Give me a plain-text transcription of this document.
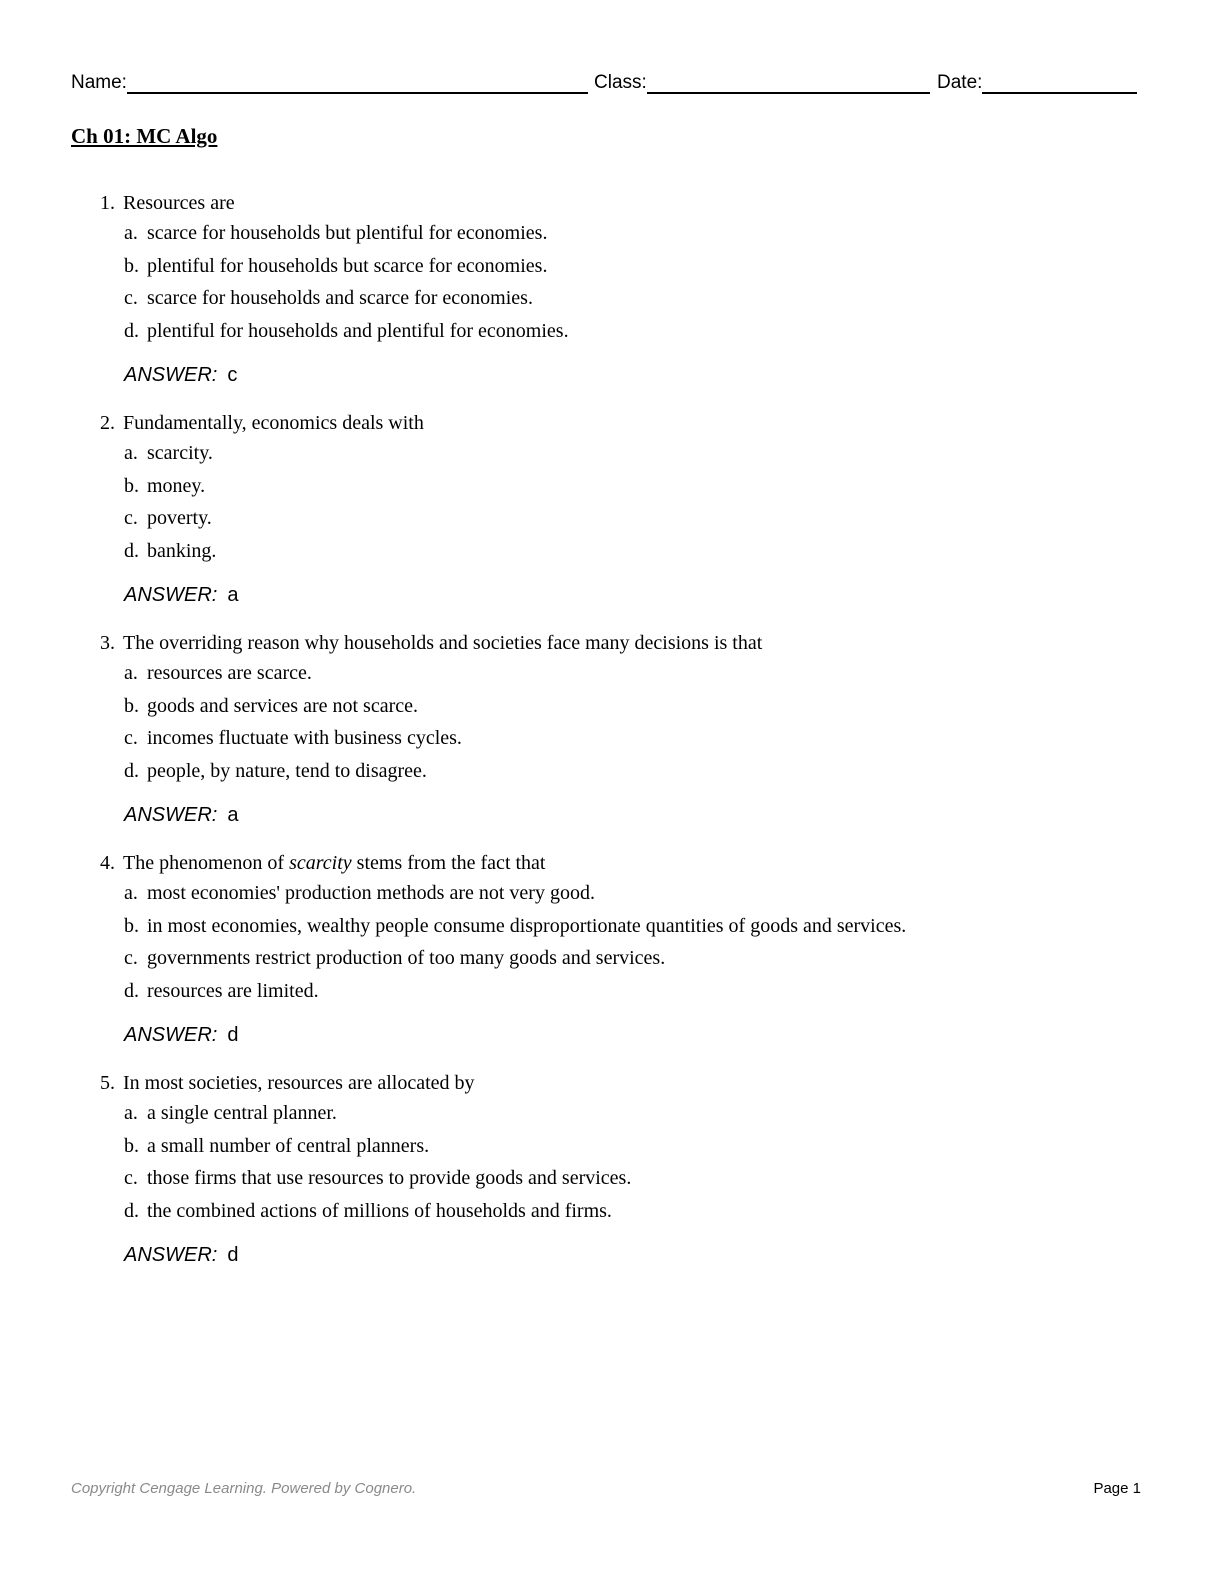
Name:	Class:	Date:
Ch 01: MC Algo
1. Resources are
a. scarce for households but plentiful for economies.
b. plentiful for households but scarce for economies.
c. scarce for households and scarce for economies.
d. plentiful for households and plentiful for economies.
ANSWER: c
2. Fundamentally, economics deals with
a. scarcity.
b. money.
c. poverty.
d. banking.
ANSWER: a
3. The overriding reason why households and societies face many decisions is that
a. resources are scarce.
b. goods and services are not scarce.
c. incomes fluctuate with business cycles.
d. people, by nature, tend to disagree.
ANSWER: a
4. The phenomenon of scarcity stems from the fact that
a. most economies' production methods are not very good.
b. in most economies, wealthy people consume disproportionate quantities of goods and services.
c. governments restrict production of too many goods and services.
d. resources are limited.
ANSWER: d
5. In most societies, resources are allocated by
a. a single central planner.
b. a small number of central planners.
c. those firms that use resources to provide goods and services.
d. the combined actions of millions of households and firms.
ANSWER: d
Copyright Cengage Learning. Powered by Cognero.	Page 1
